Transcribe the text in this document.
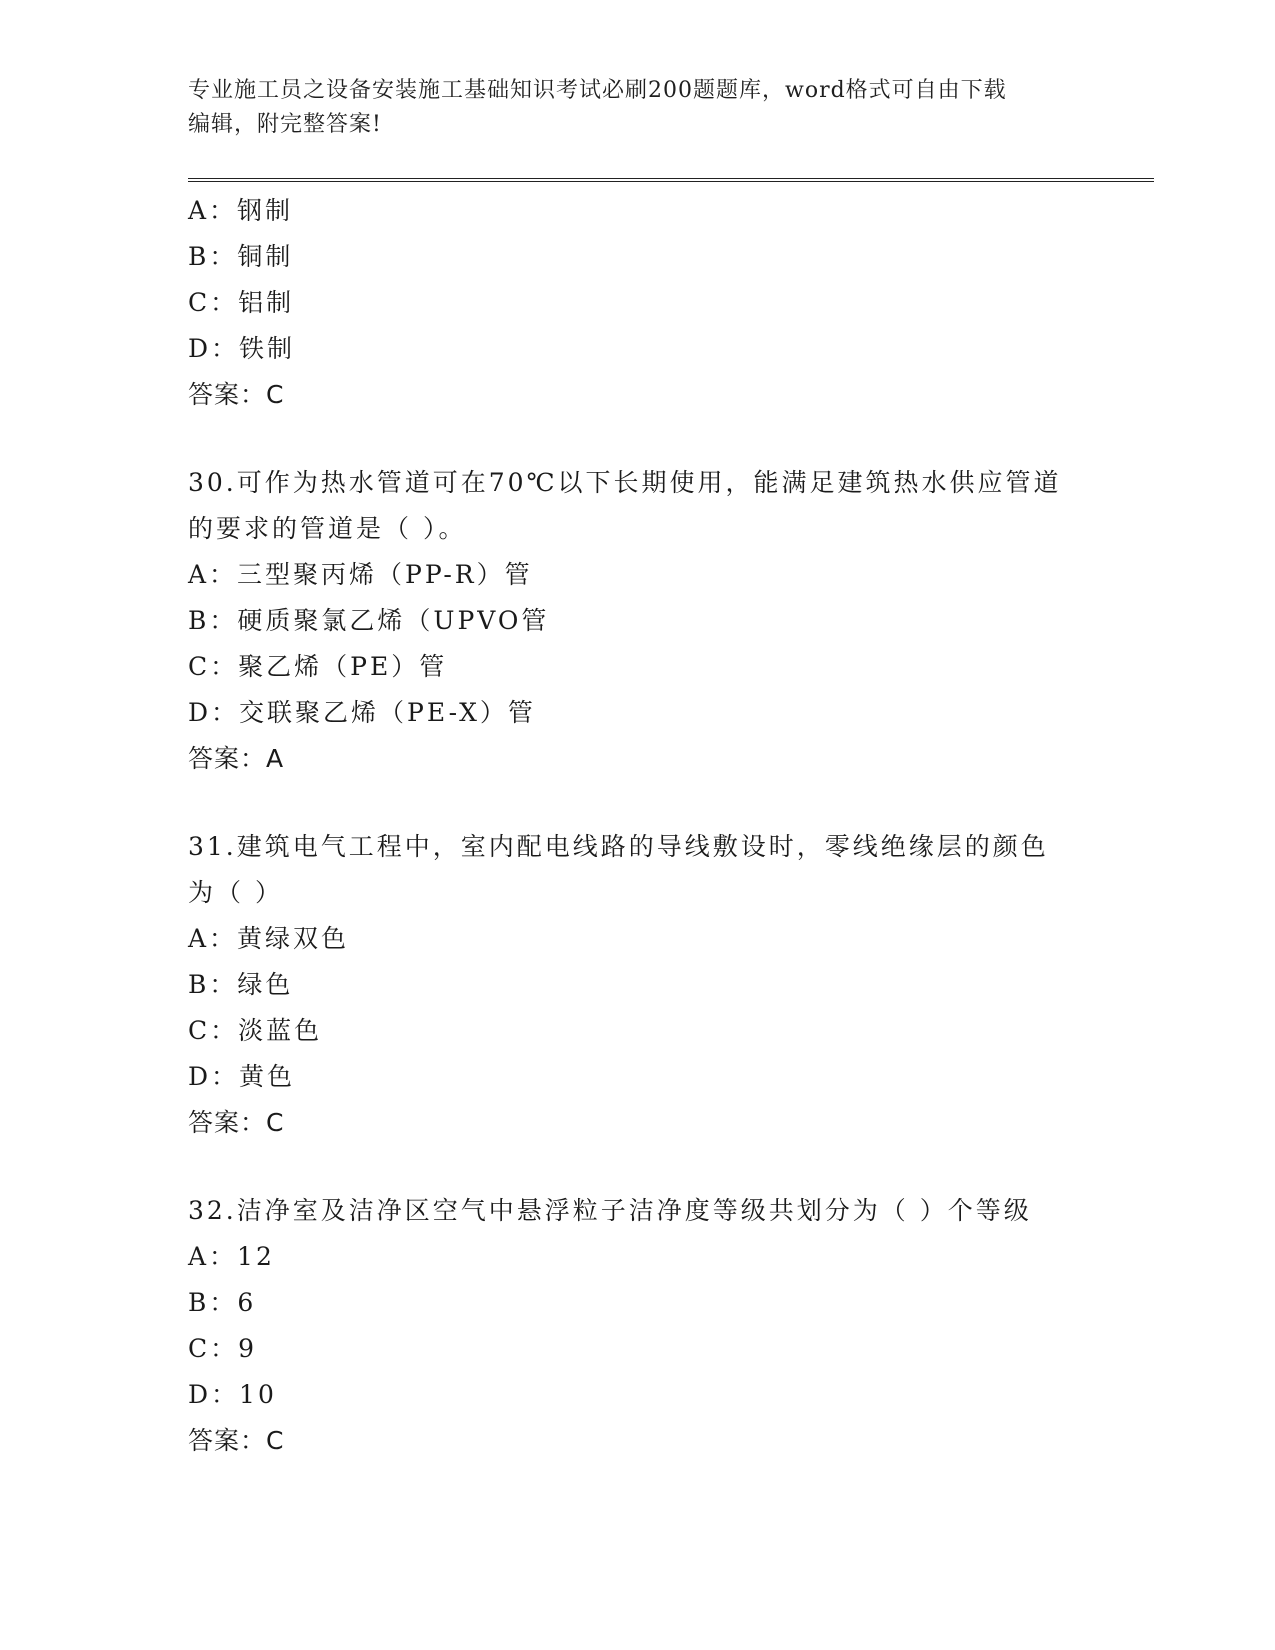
专业施工员之设备安装施工基础知识考试必刷200题题库，word格式可自由下载
编辑，附完整答案!
A：钢制
B：铜制
C：铝制
D：铁制
答案：C
30.可作为热水管道可在70℃以下长期使用，能满足建筑热水供应管道
的要求的管道是（ ）。
A：三型聚丙烯（PP-R）管
B：硬质聚氯乙烯（UPVO管
C：聚乙烯（PE）管
D：交联聚乙烯（PE-X）管
答案：A
31.建筑电气工程中，室内配电线路的导线敷设时，零线绝缘层的颜色
为（ ）
A：黄绿双色
B：绿色
C：淡蓝色
D：黄色
答案：C
32.洁净室及洁净区空气中悬浮粒子洁净度等级共划分为（ ）个等级
A：12
B：6
C：9
D：10
答案：C
